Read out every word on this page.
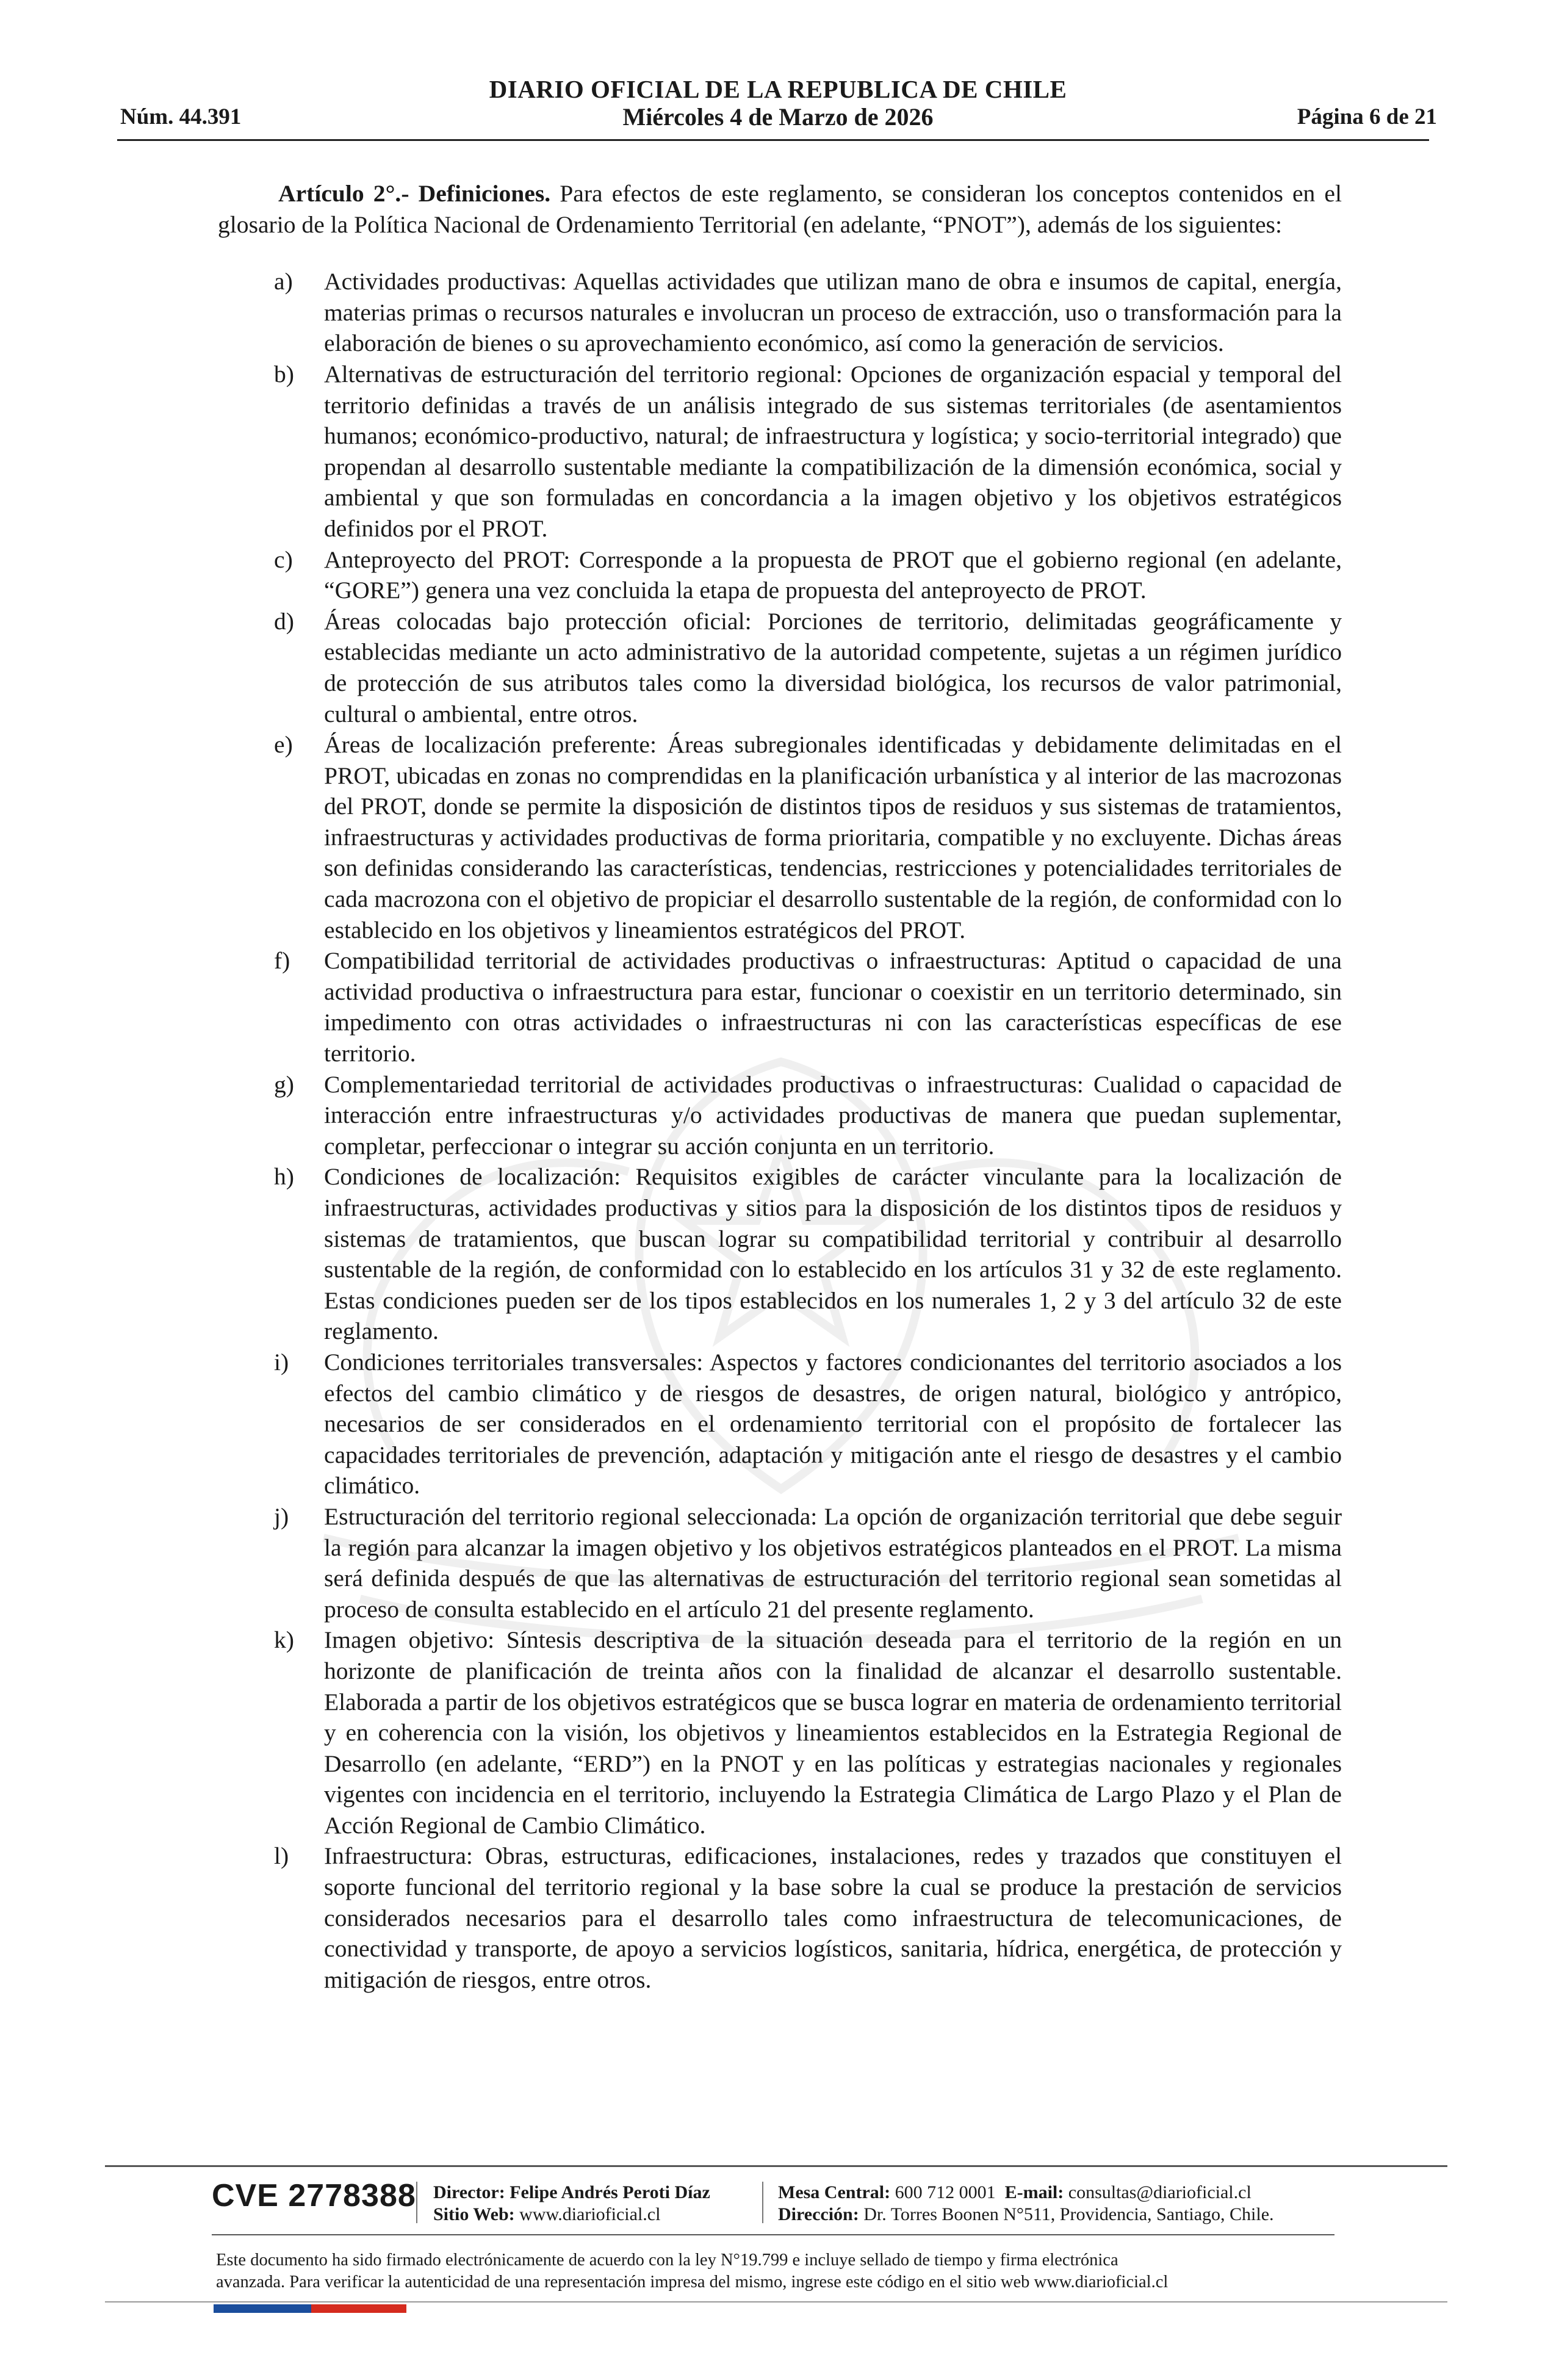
DIARIO OFICIAL DE LA REPUBLICA DE CHILE
Núm. 44.391	Miércoles 4 de Marzo de 2026	Página 6 de 21

Artículo 2°.- Definiciones. Para efectos de este reglamento, se consideran los conceptos contenidos en el glosario de la Política Nacional de Ordenamiento Territorial (en adelante, “PNOT”), además de los siguientes:

a) Actividades productivas: Aquellas actividades que utilizan mano de obra e insumos de capital, energía, materias primas o recursos naturales e involucran un proceso de extracción, uso o transformación para la elaboración de bienes o su aprovechamiento económico, así como la generación de servicios.
b) Alternativas de estructuración del territorio regional: Opciones de organización espacial y temporal del territorio definidas a través de un análisis integrado de sus sistemas territoriales (de asentamientos humanos; económico-productivo, natural; de infraestructura y logística; y socio-territorial integrado) que propendan al desarrollo sustentable mediante la compatibilización de la dimensión económica, social y ambiental y que son formuladas en concordancia a la imagen objetivo y los objetivos estratégicos definidos por el PROT.
c) Anteproyecto del PROT: Corresponde a la propuesta de PROT que el gobierno regional (en adelante, “GORE”) genera una vez concluida la etapa de propuesta del anteproyecto de PROT.
d) Áreas colocadas bajo protección oficial: Porciones de territorio, delimitadas geográficamente y establecidas mediante un acto administrativo de la autoridad competente, sujetas a un régimen jurídico de protección de sus atributos tales como la diversidad biológica, los recursos de valor patrimonial, cultural o ambiental, entre otros.
e) Áreas de localización preferente: Áreas subregionales identificadas y debidamente delimitadas en el PROT, ubicadas en zonas no comprendidas en la planificación urbanística y al interior de las macrozonas del PROT, donde se permite la disposición de distintos tipos de residuos y sus sistemas de tratamientos, infraestructuras y actividades productivas de forma prioritaria, compatible y no excluyente. Dichas áreas son definidas considerando las características, tendencias, restricciones y potencialidades territoriales de cada macrozona con el objetivo de propiciar el desarrollo sustentable de la región, de conformidad con lo establecido en los objetivos y lineamientos estratégicos del PROT.
f) Compatibilidad territorial de actividades productivas o infraestructuras: Aptitud o capacidad de una actividad productiva o infraestructura para estar, funcionar o coexistir en un territorio determinado, sin impedimento con otras actividades o infraestructuras ni con las características específicas de ese territorio.
g) Complementariedad territorial de actividades productivas o infraestructuras: Cualidad o capacidad de interacción entre infraestructuras y/o actividades productivas de manera que puedan suplementar, completar, perfeccionar o integrar su acción conjunta en un territorio.
h) Condiciones de localización: Requisitos exigibles de carácter vinculante para la localización de infraestructuras, actividades productivas y sitios para la disposición de los distintos tipos de residuos y sistemas de tratamientos, que buscan lograr su compatibilidad territorial y contribuir al desarrollo sustentable de la región, de conformidad con lo establecido en los artículos 31 y 32 de este reglamento. Estas condiciones pueden ser de los tipos establecidos en los numerales 1, 2 y 3 del artículo 32 de este reglamento.
i) Condiciones territoriales transversales: Aspectos y factores condicionantes del territorio asociados a los efectos del cambio climático y de riesgos de desastres, de origen natural, biológico y antrópico, necesarios de ser considerados en el ordenamiento territorial con el propósito de fortalecer las capacidades territoriales de prevención, adaptación y mitigación ante el riesgo de desastres y el cambio climático.
j) Estructuración del territorio regional seleccionada: La opción de organización territorial que debe seguir la región para alcanzar la imagen objetivo y los objetivos estratégicos planteados en el PROT. La misma será definida después de que las alternativas de estructuración del territorio regional sean sometidas al proceso de consulta establecido en el artículo 21 del presente reglamento.
k) Imagen objetivo: Síntesis descriptiva de la situación deseada para el territorio de la región en un horizonte de planificación de treinta años con la finalidad de alcanzar el desarrollo sustentable. Elaborada a partir de los objetivos estratégicos que se busca lograr en materia de ordenamiento territorial y en coherencia con la visión, los objetivos y lineamientos establecidos en la Estrategia Regional de Desarrollo (en adelante, “ERD”) en la PNOT y en las políticas y estrategias nacionales y regionales vigentes con incidencia en el territorio, incluyendo la Estrategia Climática de Largo Plazo y el Plan de Acción Regional de Cambio Climático.
l) Infraestructura: Obras, estructuras, edificaciones, instalaciones, redes y trazados que constituyen el soporte funcional del territorio regional y la base sobre la cual se produce la prestación de servicios considerados necesarios para el desarrollo tales como infraestructura de telecomunicaciones, de conectividad y transporte, de apoyo a servicios logísticos, sanitaria, hídrica, energética, de protección y mitigación de riesgos, entre otros.
CVE 2778388 Director: Felipe Andrés Peroti Díaz
Sitio Web: www.diarioficial.cl
Mesa Central: 600 712 0001 E-mail: consultas@diarioficial.cl
Dirección: Dr. Torres Boonen N°511, Providencia, Santiago, Chile.
Este documento ha sido firmado electrónicamente de acuerdo con la ley N°19.799 e incluye sellado de tiempo y firma electrónica
avanzada. Para verificar la autenticidad de una representación impresa del mismo, ingrese este código en el sitio web www.diarioficial.cl
